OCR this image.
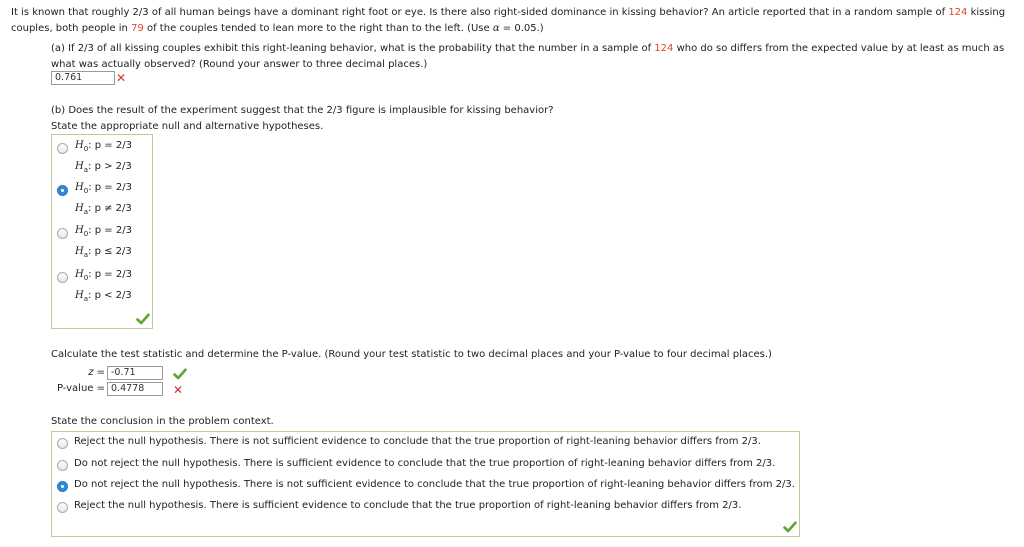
It is known that roughly 2/3 of all human beings have a dominant right foot or eye. Is there also right-sided dominance in kissing behavior? An article reported that in a random sample of 124 kissing couples, both people in 79 of the couples tended to lean more to the right than to the left. (Use α = 0.05.)
(a) If 2/3 of all kissing couples exhibit this right-leaning behavior, what is the probability that the number in a sample of 124 who do so differs from the expected value by at least as much as what was actually observed? (Round your answer to three decimal places.)
0.761	✕
(b) Does the result of the experiment suggest that the 2/3 figure is implausible for kissing behavior?
State the appropriate null and alternative hypotheses.
$H_0$: p = 2/3
$H_a$: p > 2/3
$H_0$: p = 2/3
$H_a$: p ≠ 2/3
$H_0$: p = 2/3
$H_a$: p ≤ 2/3
$H_0$: p = 2/3
$H_a$: p < 2/3
Calculate the test statistic and determine the P-value. (Round your test statistic to two decimal places and your P-value to four decimal places.)
z = -0.71
P-value = 0.4778	✕
State the conclusion in the problem context.
Reject the null hypothesis. There is not sufficient evidence to conclude that the true proportion of right-leaning behavior differs from 2/3.
Do not reject the null hypothesis. There is sufficient evidence to conclude that the true proportion of right-leaning behavior differs from 2/3.
Do not reject the null hypothesis. There is not sufficient evidence to conclude that the true proportion of right-leaning behavior differs from 2/3.
Reject the null hypothesis. There is sufficient evidence to conclude that the true proportion of right-leaning behavior differs from 2/3.
